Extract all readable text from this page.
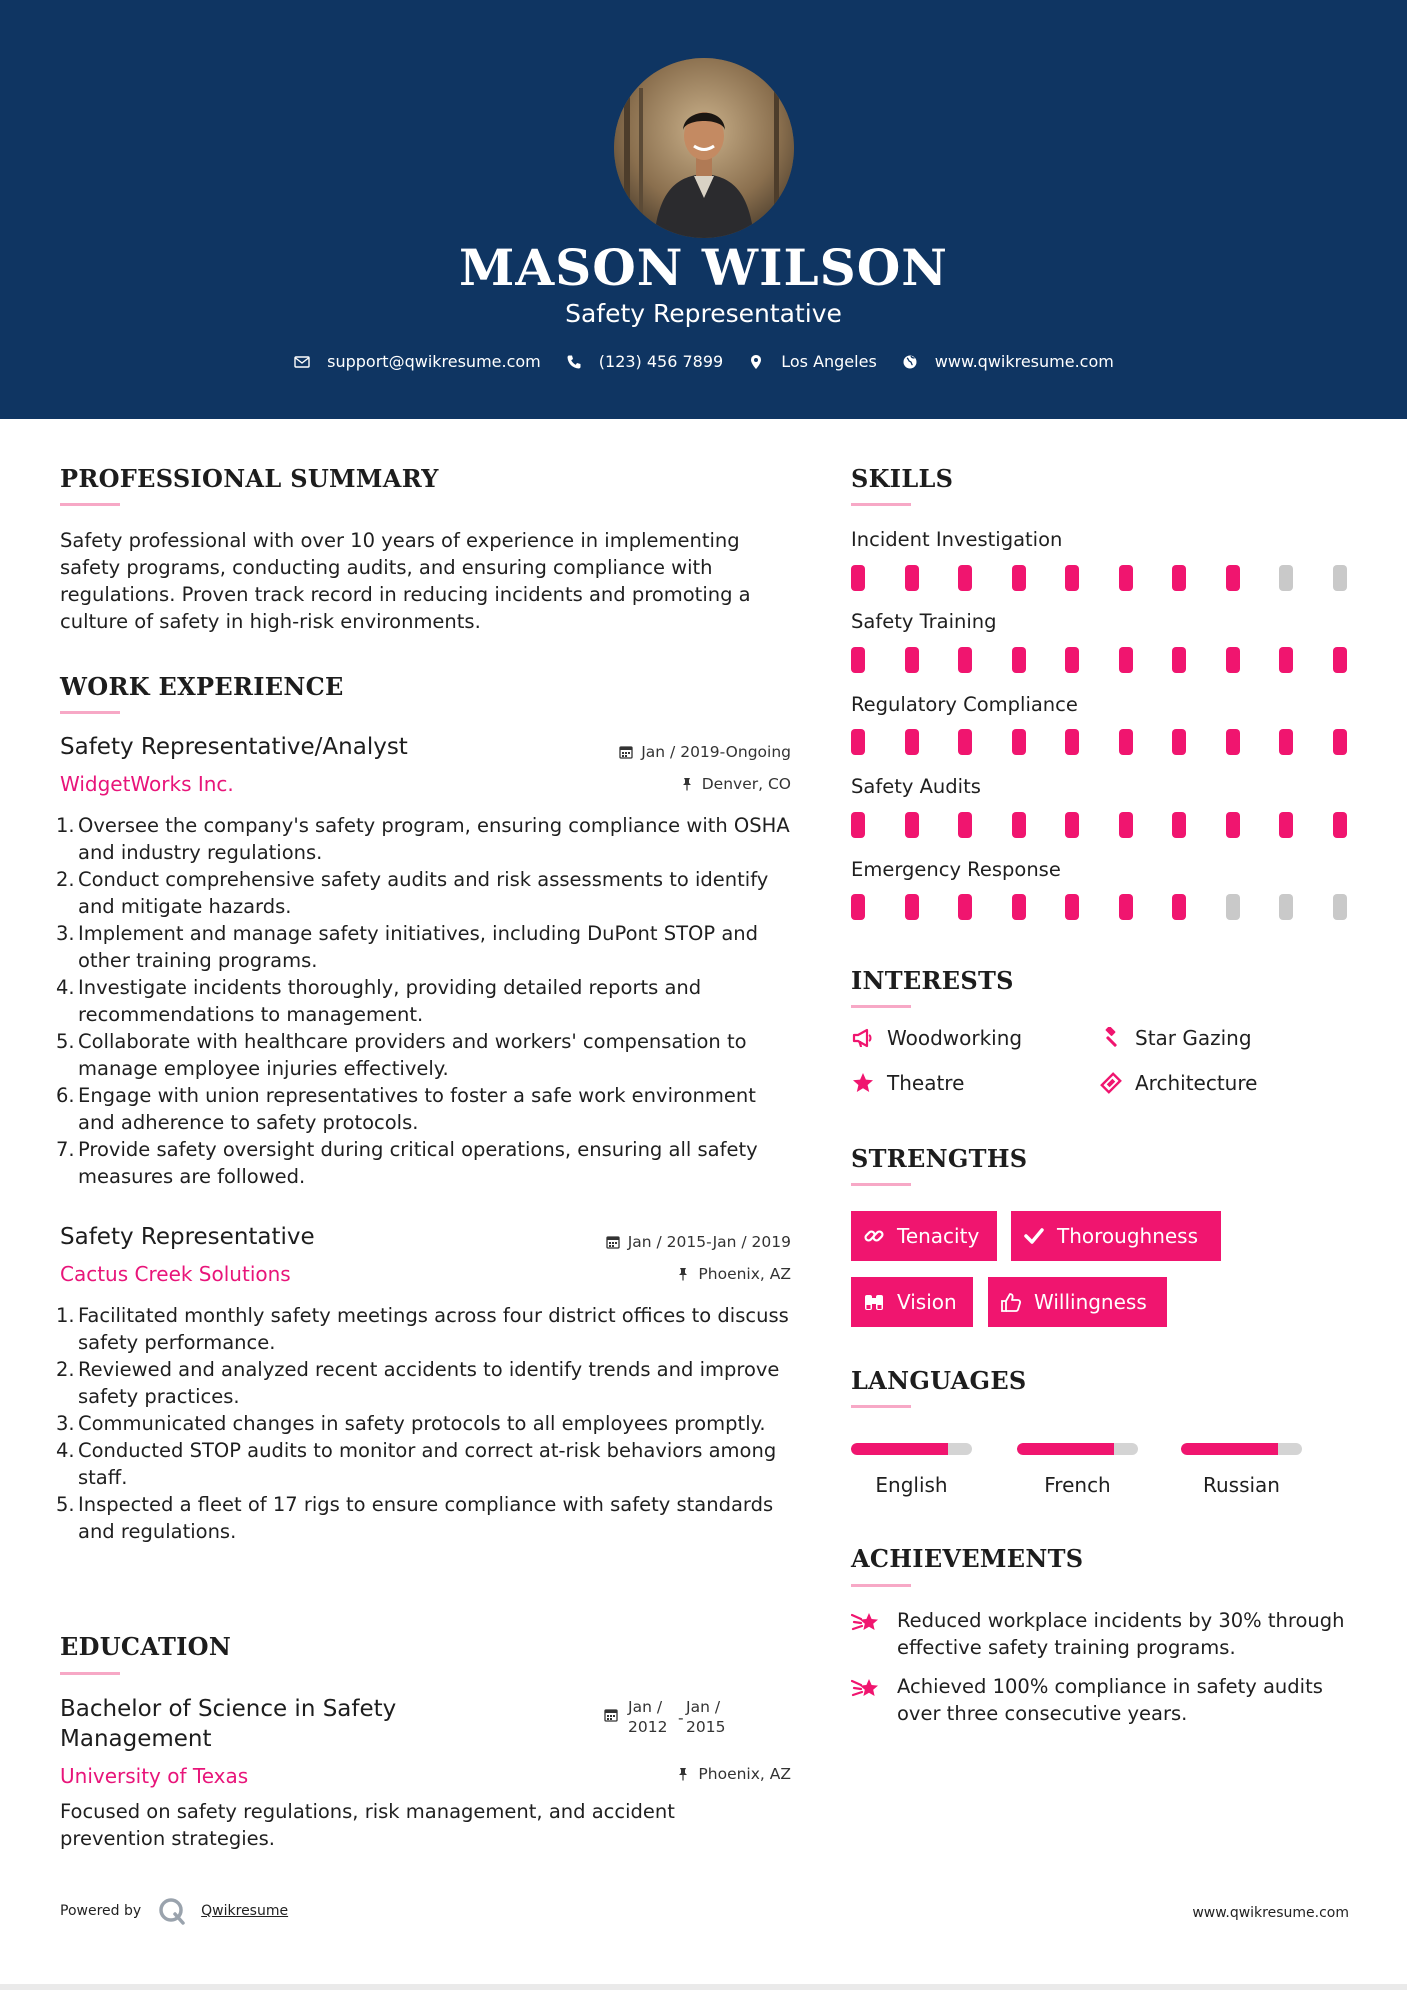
MASON WILSON
Safety Representative
support@qwikresume.com	(123) 456 7899	Los Angeles	www.qwikresume.com
PROFESSIONAL SUMMARY
Safety professional with over 10 years of experience in implementing safety programs, conducting audits, and ensuring compliance with regulations. Proven track record in reducing incidents and promoting a culture of safety in high-risk environments.
WORK EXPERIENCE
Safety Representative/Analyst	Jan / 2019-Ongoing
WidgetWorks Inc.	Denver, CO
Oversee the company's safety program, ensuring compliance with OSHA and industry regulations.
Conduct comprehensive safety audits and risk assessments to identify and mitigate hazards.
Implement and manage safety initiatives, including DuPont STOP and other training programs.
Investigate incidents thoroughly, providing detailed reports and recommendations to management.
Collaborate with healthcare providers and workers' compensation to manage employee injuries effectively.
Engage with union representatives to foster a safe work environment and adherence to safety protocols.
Provide safety oversight during critical operations, ensuring all safety measures are followed.
Safety Representative	Jan / 2015-Jan / 2019
Cactus Creek Solutions	Phoenix, AZ
Facilitated monthly safety meetings across four district offices to discuss safety performance.
Reviewed and analyzed recent accidents to identify trends and improve safety practices.
Communicated changes in safety protocols to all employees promptly.
Conducted STOP audits to monitor and correct at-risk behaviors among staff.
Inspected a fleet of 17 rigs to ensure compliance with safety standards and regulations.
EDUCATION
Bachelor of Science in Safety
Management
Jan /
2012 -
Jan /
2015
University of Texas	Phoenix, AZ
Focused on safety regulations, risk management, and accident prevention strategies.
SKILLS
Incident Investigation
Safety Training
Regulatory Compliance
Safety Audits
Emergency Response
INTERESTS
Woodworking	Star Gazing
Theatre	Architecture
STRENGTHS
Tenacity	Thoroughness
Vision	Willingness
LANGUAGES
English	French	Russian
ACHIEVEMENTS
Reduced workplace incidents by 30% through effective safety training programs.
Achieved 100% compliance in safety audits over three consecutive years.
Powered by	Qwikresume	www.qwikresume.com
